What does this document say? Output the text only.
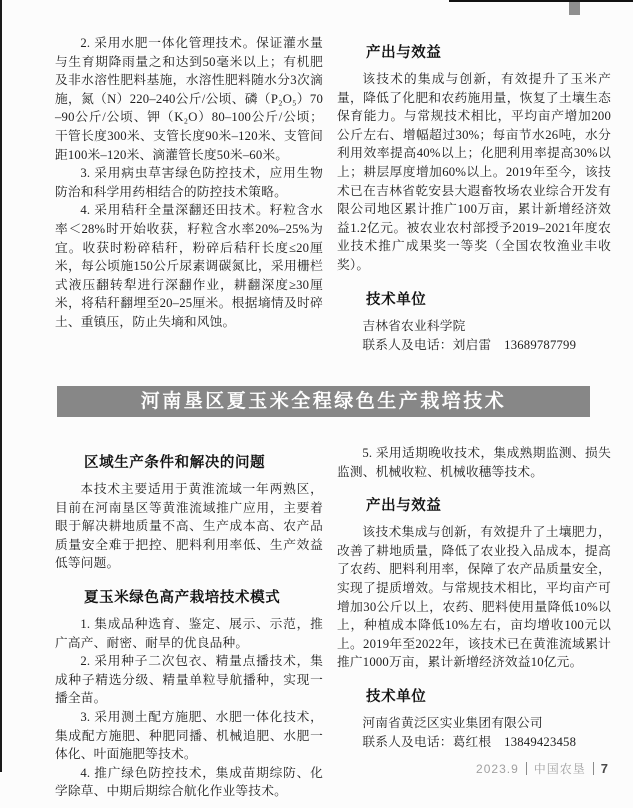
2. 采用水肥一体化管理技术。保证灌水量与生育期降雨量之和达到50毫米以上；有机肥及非水溶性肥料基施，水溶性肥料随水分3次滴施，氮（N）220–240公斤/公顷、磷（P₂O₅）70–90公斤/公顷、钾（K₂O）80–100公斤/公顷；干管长度300米、支管长度90米–120米、支管间距100米–120米、滴灌管长度50米–60米。

3. 采用病虫草害绿色防控技术，应用生物防治和科学用药相结合的防控技术策略。

4. 采用秸秆全量深翻还田技术。籽粒含水率＜28%时开始收获，籽粒含水率20%–25%为宜。收获时粉碎秸秆，粉碎后秸秆长度≤20厘米，每公顷施150公斤尿素调碳氮比，采用栅栏式液压翻转犁进行深翻作业，耕翻深度≥30厘米，将秸秆翻埋至20–25厘米。根据墒情及时碎土、重镇压，防止失墒和风蚀。

产出与效益

该技术的集成与创新，有效提升了玉米产量，降低了化肥和农药施用量，恢复了土壤生态保育能力。与常规技术相比，平均亩产增加200公斤左右、增幅超过30%；每亩节水26吨，水分利用效率提高40%以上；化肥利用率提高30%以上；耕层厚度增加60%以上。2019年至今，该技术已在吉林省乾安县大遐畜牧场农业综合开发有限公司地区累计推广100万亩，累计新增经济效益1.2亿元。被农业农村部授予2019–2021年度农业技术推广成果奖一等奖（全国农牧渔业丰收奖）。

技术单位

吉林省农业科学院

联系人及电话：刘启雷　13689787799

河南垦区夏玉米全程绿色生产栽培技术
区域生产条件和解决的问题

本技术主要适用于黄淮流域一年两熟区，目前在河南垦区等黄淮流域推广应用，主要着眼于解决耕地质量不高、生产成本高、农产品质量安全难于把控、肥料利用率低、生产效益低等问题。

夏玉米绿色高产栽培技术模式

1. 集成品种选育、鉴定、展示、示范，推广高产、耐密、耐旱的优良品种。

2. 采用种子二次包衣、精量点播技术，集成种子精选分级、精量单粒导航播种，实现一播全苗。

3. 采用测土配方施肥、水肥一体化技术，集成配方施肥、种肥同播、机械追肥、水肥一体化、叶面施肥等技术。

4. 推广绿色防控技术，集成苗期综防、化学除草、中期后期综合航化作业等技术。

5. 采用适期晚收技术，集成熟期监测、损失监测、机械收粒、机械收穗等技术。

产出与效益

该技术集成与创新，有效提升了土壤肥力，改善了耕地质量，降低了农业投入品成本，提高了农药、肥料利用率，保障了农产品质量安全，实现了提质增效。与常规技术相比，平均亩产可增加30公斤以上，农药、肥料使用量降低10%以上，种植成本降低10%左右，亩均增收100元以上。2019年至2022年，该技术已在黄淮流域累计推广1000万亩，累计新增经济效益10亿元。

技术单位

河南省黄泛区实业集团有限公司

联系人及电话：葛红根　13849423458

2023.9 中国农垦 7
